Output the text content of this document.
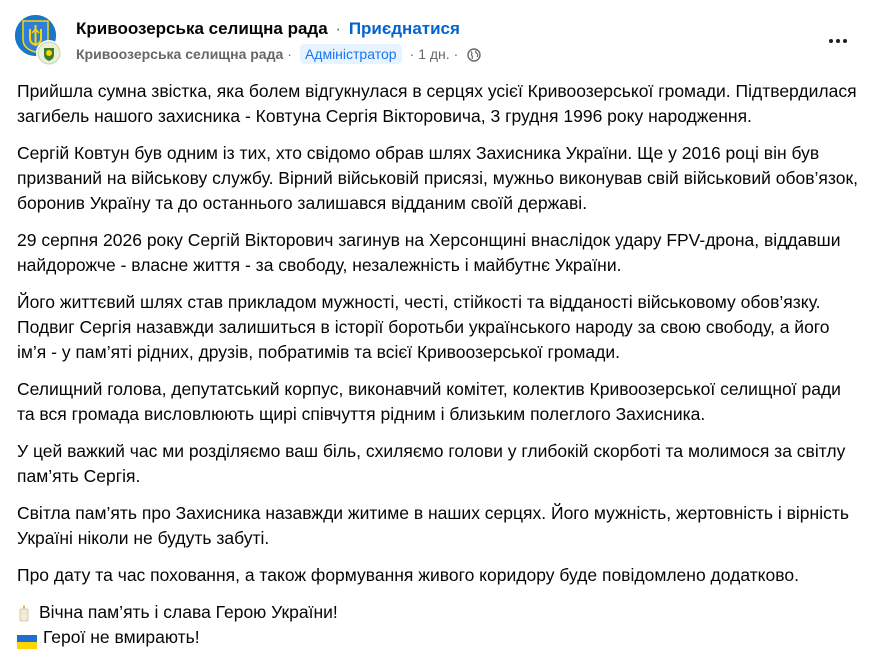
Кривоозерська селищна рада · Приєднатися
Кривоозерська селищна рада · Адміністратор · 1 дн. ·

Прийшла сумна звістка, яка болем відгукнулася в серцях усієї Кривоозерської громади. Підтвердилася загибель нашого захисника - Ковтуна Сергія Вікторовича, 3 грудня 1996 року народження.

Сергій Ковтун був одним із тих, хто свідомо обрав шлях Захисника України. Ще у 2016 році він був призваний на військову службу. Вірний військовій присязі, мужньо виконував свій військовий обов’язок, боронив Україну та до останнього залишався відданим своїй державі.

29 серпня 2026 року Сергій Вікторович загинув на Херсонщині внаслідок удару FPV-дрона, віддавши найдорожче - власне життя - за свободу, незалежність і майбутнє України.

Його життєвий шлях став прикладом мужності, честі, стійкості та відданості військовому обов’язку. Подвиг Сергія назавжди залишиться в історії боротьби українського народу за свою свободу, а його ім’я - у пам’яті рідних, друзів, побратимів та всієї Кривоозерської громади.

Селищний голова, депутатський корпус, виконавчий комітет, колектив Кривоозерської селищної ради та вся громада висловлюють щирі співчуття рідним і близьким полеглого Захисника.

У цей важкий час ми розділяємо ваш біль, схиляємо голови у глибокій скорботі та молимося за світлу пам’ять Сергія.

Світла пам’ять про Захисника назавжди житиме в наших серцях. Його мужність, жертовність і вірність Україні ніколи не будуть забуті.

Про дату та час поховання, а також формування живого коридору буде повідомлено додатково.

Вічна пам’ять і слава Герою України!
Герої не вмирають!
